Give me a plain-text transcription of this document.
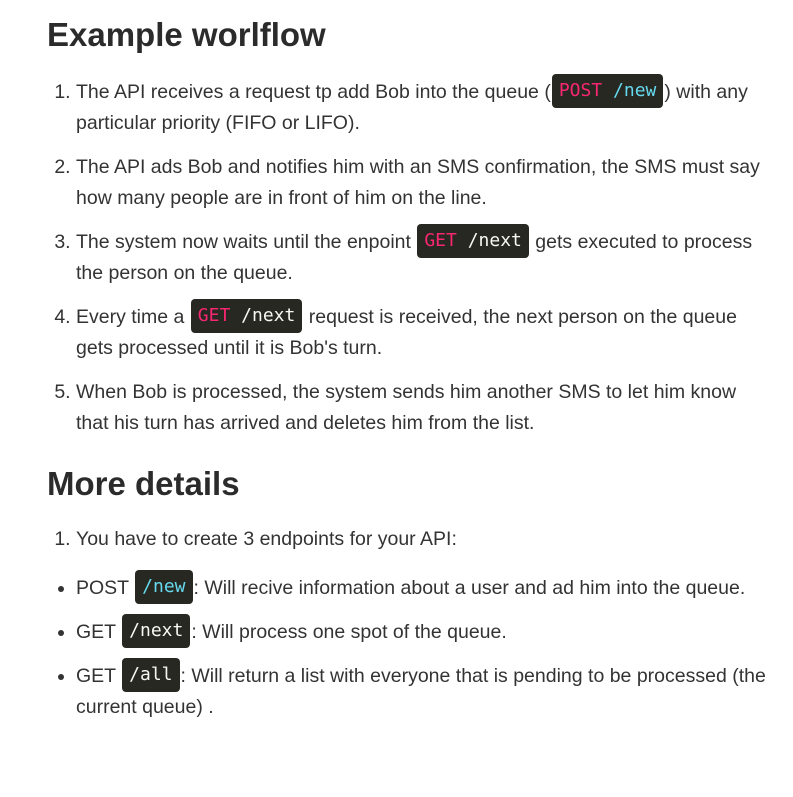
Example worlflow
1. The API receives a request tp add Bob into the queue ( POST /new ) with any particular priority (FIFO or LIFO).
2. The API ads Bob and notifies him with an SMS confirmation, the SMS must say how many people are in front of him on the line.
3. The system now waits until the enpoint GET /next gets executed to process the person on the queue.
4. Every time a GET /next request is received, the next person on the queue gets processed until it is Bob's turn.
5. When Bob is processed, the system sends him another SMS to let him know that his turn has arrived and deletes him from the list.
More details
1. You have to create 3 endpoints for your API:
• POST /new : Will recive information about a user and ad him into the queue.
• GET /next : Will process one spot of the queue.
• GET /all : Will return a list with everyone that is pending to be processed (the current queue) .
